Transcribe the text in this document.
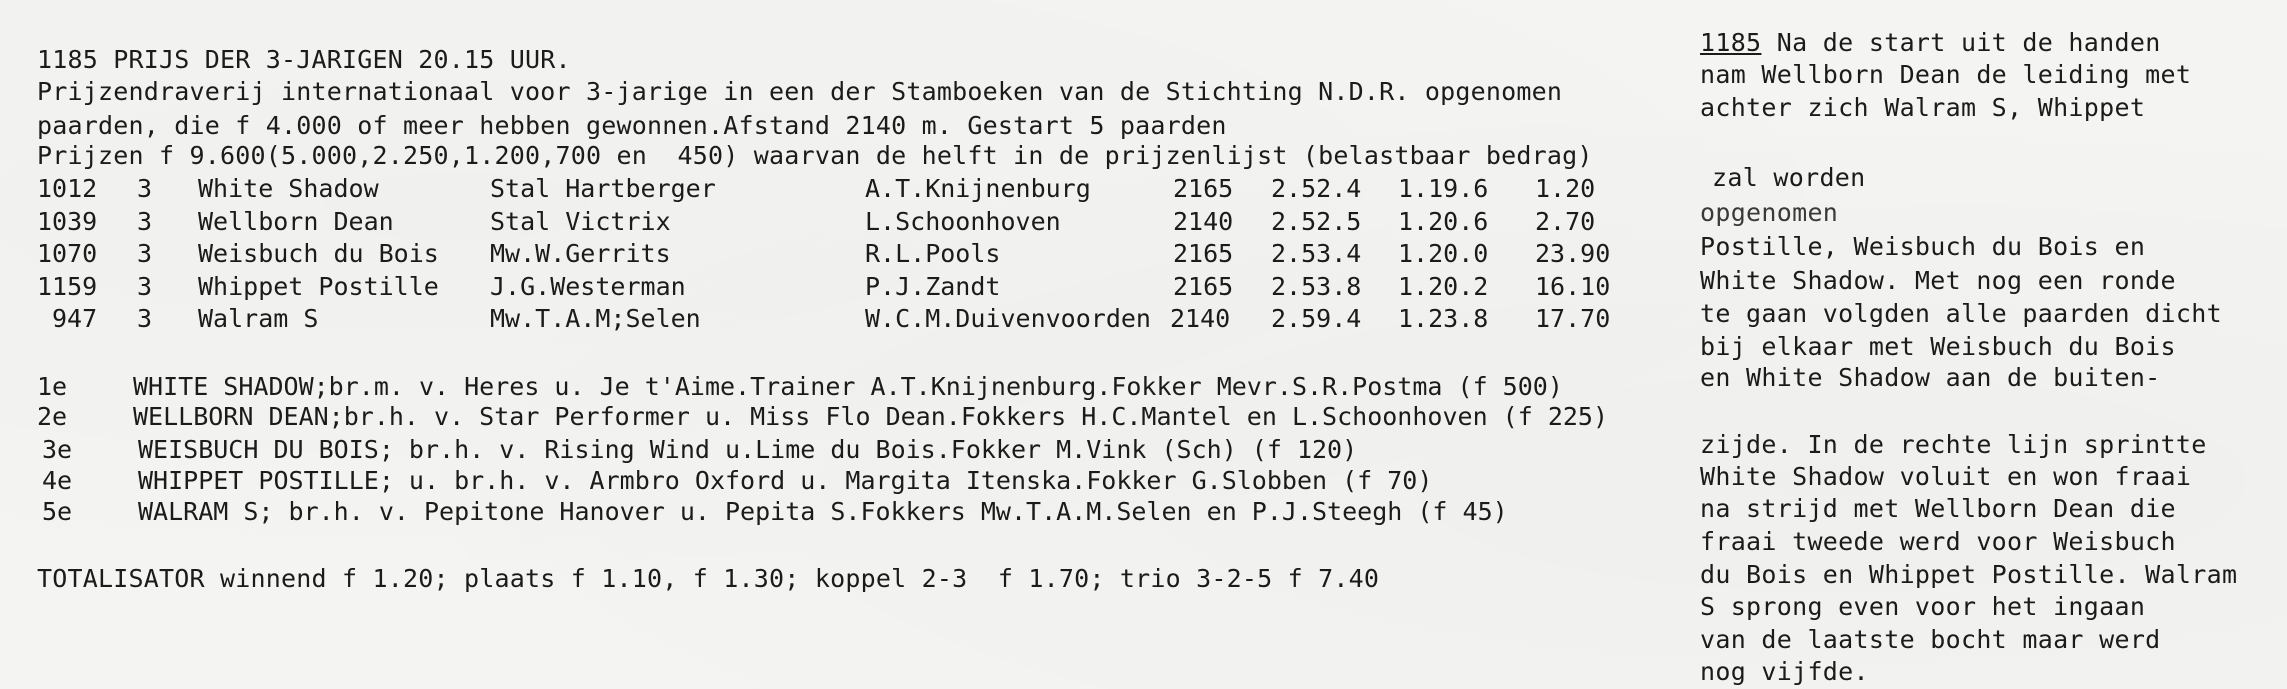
1185 PRIJS DER 3-JARIGEN 20.15 UUR.
Prijzendraverij internationaal voor 3-jarige in een der Stamboeken van de Stichting N.D.R. opgenomen
paarden, die f 4.000 of meer hebben gewonnen.Afstand 2140 m. Gestart 5 paarden
Prijzen f 9.600(5.000,2.250,1.200,700 en  450) waarvan de helft in de prijzenlijst (belastbaar bedrag)
1012 3 White Shadow	Stal Hartberger	A.T.Knijnenburg	2165 2.52.4 1.19.6 1.20
1039 3 Wellborn Dean	Stal Victrix	L.Schoonhoven	2140 2.52.5 1.20.6 2.70
1070 3 Weisbuch du Bois Mw.W.Gerrits	R.L.Pools	2165 2.53.4 1.20.0 23.90
1159 3 Whippet Postille J.G.Westerman	P.J.Zandt	2165 2.53.8 1.20.2 16.10
947 3 Walram S	Mw.T.A.M;Selen	W.C.M.Duivenvoorden 2140 2.59.4 1.23.8 17.70
1e	WHITE SHADOW;br.m. v. Heres u. Je t'Aime.Trainer A.T.Knijnenburg.Fokker Mevr.S.R.Postma (f 500)
2e	WELLBORN DEAN;br.h. v. Star Performer u. Miss Flo Dean.Fokkers H.C.Mantel en L.Schoonhoven (f 225)
3e	WEISBUCH DU BOIS; br.h. v. Rising Wind u.Lime du Bois.Fokker M.Vink (Sch) (f 120)
4e	WHIPPET POSTILLE; u. br.h. v. Armbro Oxford u. Margita Itenska.Fokker G.Slobben (f 70)
5e	WALRAM S; br.h. v. Pepitone Hanover u. Pepita S.Fokkers Mw.T.A.M.Selen en P.J.Steegh (f 45)
TOTALISATOR winnend f 1.20; plaats f 1.10, f 1.30; koppel 2-3  f 1.70; trio 3-2-5 f 7.40
1185 Na de start uit de handen
nam Wellborn Dean de leiding met
achter zich Walram S, Whippet
zal worden
opgenomen
Postille, Weisbuch du Bois en
White Shadow. Met nog een ronde
te gaan volgden alle paarden dicht
bij elkaar met Weisbuch du Bois
en White Shadow aan de buiten-
zijde. In de rechte lijn sprintte
White Shadow voluit en won fraai
na strijd met Wellborn Dean die
fraai tweede werd voor Weisbuch
du Bois en Whippet Postille. Walram
S sprong even voor het ingaan
van de laatste bocht maar werd
nog vijfde.
